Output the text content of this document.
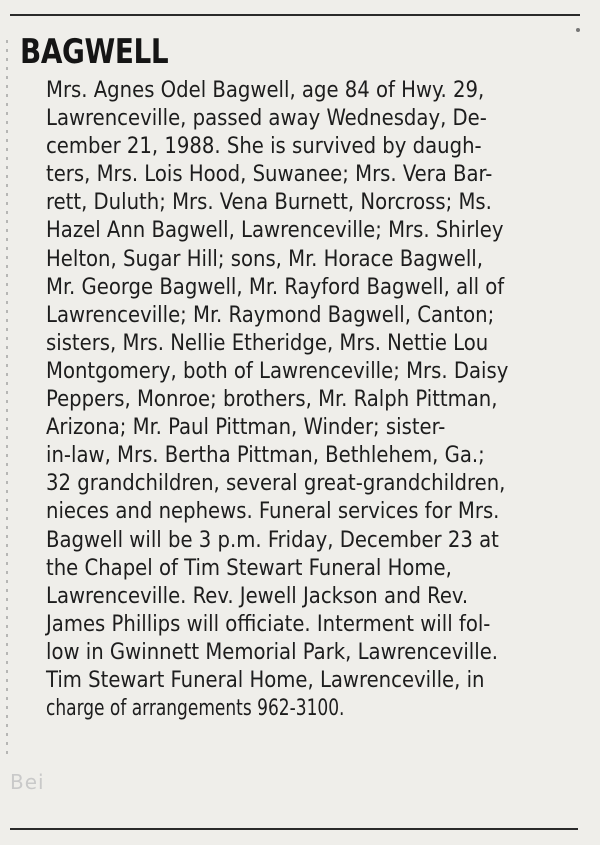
BAGWELL
Mrs. Agnes Odel Bagwell, age 84 of Hwy. 29,
Lawrenceville, passed away Wednesday, De-
cember 21, 1988. She is survived by daugh-
ters, Mrs. Lois Hood, Suwanee; Mrs. Vera Bar-
rett, Duluth; Mrs. Vena Burnett, Norcross; Ms.
Hazel Ann Bagwell, Lawrenceville; Mrs. Shirley
Helton, Sugar Hill; sons, Mr. Horace Bagwell,
Mr. George Bagwell, Mr. Rayford Bagwell, all of
Lawrenceville; Mr. Raymond Bagwell, Canton;
sisters, Mrs. Nellie Etheridge, Mrs. Nettie Lou
Montgomery, both of Lawrenceville; Mrs. Daisy
Peppers, Monroe; brothers, Mr. Ralph Pittman,
Arizona; Mr. Paul Pittman, Winder; sister-
in-law, Mrs. Bertha Pittman, Bethlehem, Ga.;
32 grandchildren, several great-grandchildren,
nieces and nephews. Funeral services for Mrs.
Bagwell will be 3 p.m. Friday, December 23 at
the Chapel of Tim Stewart Funeral Home,
Lawrenceville. Rev. Jewell Jackson and Rev.
James Phillips will officiate. Interment will fol-
low in Gwinnett Memorial Park, Lawrenceville.
Tim Stewart Funeral Home, Lawrenceville, in
charge of arrangements 962-3100.
Bei
